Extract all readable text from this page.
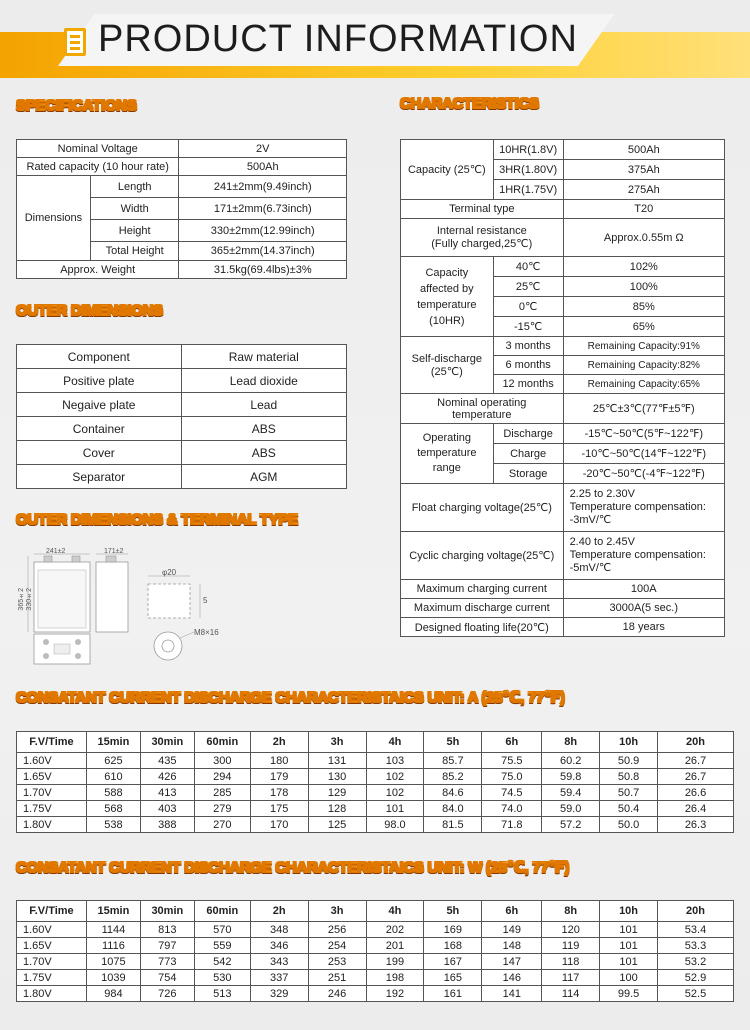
PRODUCT INFORMATION
SPECIFICATIONS
Nominal Voltage		2V
Rated capacity (10 hour rate)		500Ah
Dimensions	Length	241±2mm(9.49inch)
	Width	171±2mm(6.73inch)
	Height	330±2mm(12.99inch)
	Total Height	365±2mm(14.37inch)
Approx. Weight		31.5kg(69.4lbs)±3%
OUTER DIMENSIONS
Component	Raw material
Positive plate	Lead dioxide
Negaive plate	Lead
Container	ABS
Cover	ABS
Separator	AGM
OUTER DIMENSIONS & TERMINAL TYPE
241±2	171±2
365±2 330±2
φ20
5
M8×16
CHARACTERISTICS
Capacity (25℃)	10HR(1.8V)	500Ah
	3HR(1.80V)	375Ah
	1HR(1.75V)	275Ah
Terminal type		T20

Internal resistance
(Fully charged,25℃)		Approx.0.55m Ω
Capacity affected by temperature (10HR)	40℃	102%
	25℃	100%
	0℃	85%
	-15℃	65%
Self-discharge (25℃)	3 months	Remaining Capacity:91%
	6 months	Remaining Capacity:82%
	12 months	Remaining Capacity:65%
Nominal operating temperature		25℃±3℃(77℉±5℉)
Operating temperature range	Discharge	-15℃~50℃(5℉~122℉)
	Charge	-10℃~50℃(14℉~122℉)
	Storage	-20℃~50℃(-4℉~122℉)
Float charging voltage(25℃)		2.25 to 2.30V
Temperature compensation:
-3mV/℃

Cyclic charging voltage(25℃)		2.40 to 2.45V
Temperature compensation:
-5mV/℃

Maximum charging current		100A
Maximum discharge current		3000A(5 sec.)
Designed floating life(20℃)		18 years
CONSATANT CURRENT DISCHARGE CHARACTERISTAICS UNIT: A (25℃, 77℉)
F.V/Time	15min	30min	60min	2h	3h	4h	5h	6h	8h	10h	20h
1.60V	625	435	300	180	131	103	85.7	75.5	60.2	50.9	26.7
1.65V	610	426	294	179	130	102	85.2	75.0	59.8	50.8	26.7
1.70V	588	413	285	178	129	102	84.6	74.5	59.4	50.7	26.6
1.75V	568	403	279	175	128	101	84.0	74.0	59.0	50.4	26.4
1.80V	538	388	270	170	125	98.0	81.5	71.8	57.2	50.0	26.3
CONSATANT CURRENT DISCHARGE CHARACTERISTAICS UNIT: W (25℃, 77℉)
F.V/Time	15min	30min	60min	2h	3h	4h	5h	6h	8h	10h	20h
1.60V	1144	813	570	348	256	202	169	149	120	101	53.4
1.65V	1116	797	559	346	254	201	168	148	119	101	53.3
1.70V	1075	773	542	343	253	199	167	147	118	101	53.2
1.75V	1039	754	530	337	251	198	165	146	117	100	52.9
1.80V	984	726	513	329	246	192	161	141	114	99.5	52.5
